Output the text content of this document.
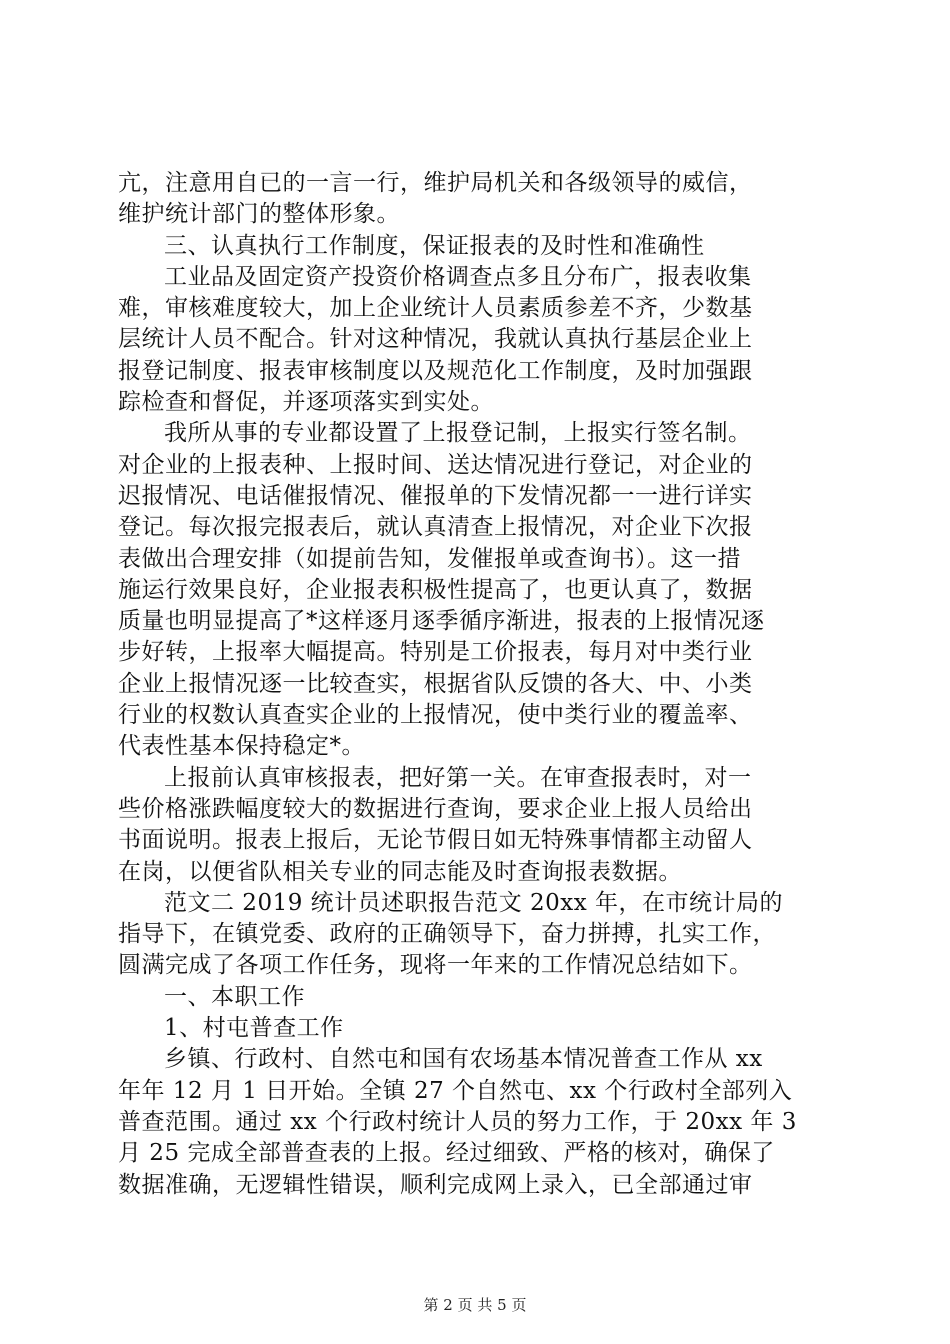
亢，注意用自已的一言一行，维护局机关和各级领导的威信，
维护统计部门的整体形象。
三、认真执行工作制度，保证报表的及时性和准确性
工业品及固定资产投资价格调查点多且分布广，报表收集
难，审核难度较大，加上企业统计人员素质参差不齐，少数基
层统计人员不配合。针对这种情况，我就认真执行基层企业上
报登记制度、报表审核制度以及规范化工作制度，及时加强跟
踪检查和督促，并逐项落实到实处。
我所从事的专业都设置了上报登记制，上报实行签名制。
对企业的上报表种、上报时间、送达情况进行登记，对企业的
迟报情况、电话催报情况、催报单的下发情况都一一进行详实
登记。每次报完报表后，就认真清查上报情况，对企业下次报
表做出合理安排（如提前告知，发催报单或查询书）。这一措
施运行效果良好，企业报表积极性提高了，也更认真了，数据
质量也明显提高了*这样逐月逐季循序渐进，报表的上报情况逐
步好转，上报率大幅提高。特别是工价报表，每月对中类行业
企业上报情况逐一比较查实，根据省队反馈的各大、中、小类
行业的权数认真查实企业的上报情况，使中类行业的覆盖率、
代表性基本保持稳定*。
上报前认真审核报表，把好第一关。在审查报表时，对一
些价格涨跌幅度较大的数据进行查询，要求企业上报人员给出
书面说明。报表上报后，无论节假日如无特殊事情都主动留人
在岗，以便省队相关专业的同志能及时查询报表数据。
范文二 2019 统计员述职报告范文 20xx 年，在市统计局的
指导下，在镇党委、政府的正确领导下，奋力拼搏，扎实工作，
圆满完成了各项工作任务，现将一年来的工作情况总结如下。
一、本职工作
1、村屯普查工作
乡镇、行政村、自然屯和国有农场基本情况普查工作从 xx
年年 12 月 1 日开始。全镇 27 个自然屯、xx 个行政村全部列入
普查范围。通过 xx 个行政村统计人员的努力工作，于 20xx 年 3
月 25 完成全部普查表的上报。经过细致、严格的核对，确保了
数据准确，无逻辑性错误，顺利完成网上录入，已全部通过审
第 2 页 共 5 页
